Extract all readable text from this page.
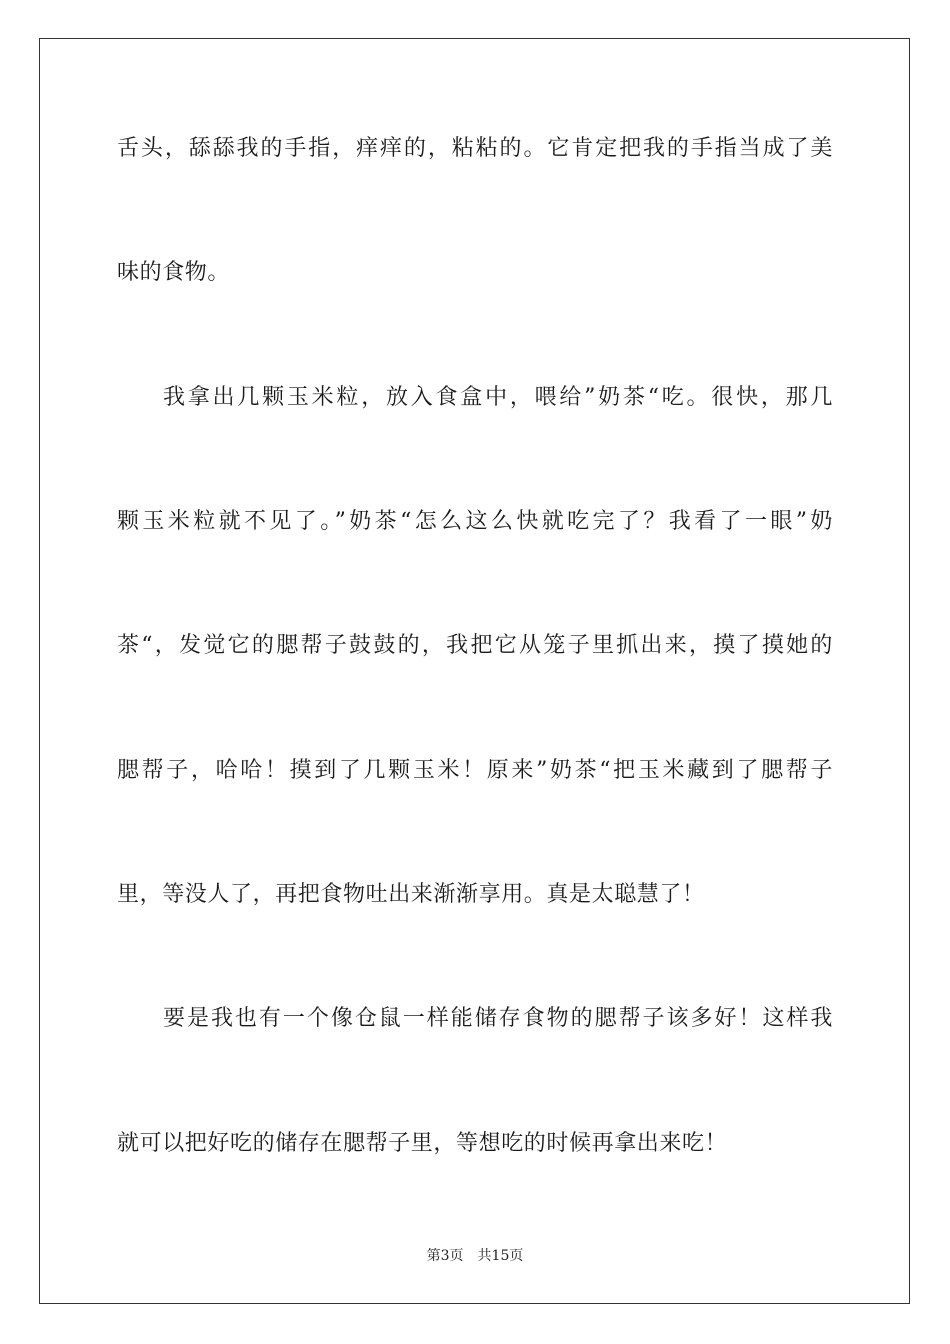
舌头，舔舔我的手指，痒痒的，粘粘的。它肯定把我的手指当成了美
味的食物。
我拿出几颗玉米粒，放入食盒中，喂给”奶茶“吃。很快，那几
颗玉米粒就不见了。”奶茶“怎么这么快就吃完了？我看了一眼”奶
茶“，发觉它的腮帮子鼓鼓的，我把它从笼子里抓出来，摸了摸她的
腮帮子，哈哈！摸到了几颗玉米！原来”奶茶“把玉米藏到了腮帮子
里，等没人了，再把食物吐出来渐渐享用。真是太聪慧了！
要是我也有一个像仓鼠一样能储存食物的腮帮子该多好！这样我
就可以把好吃的储存在腮帮子里，等想吃的时候再拿出来吃！
第3页 共15页
